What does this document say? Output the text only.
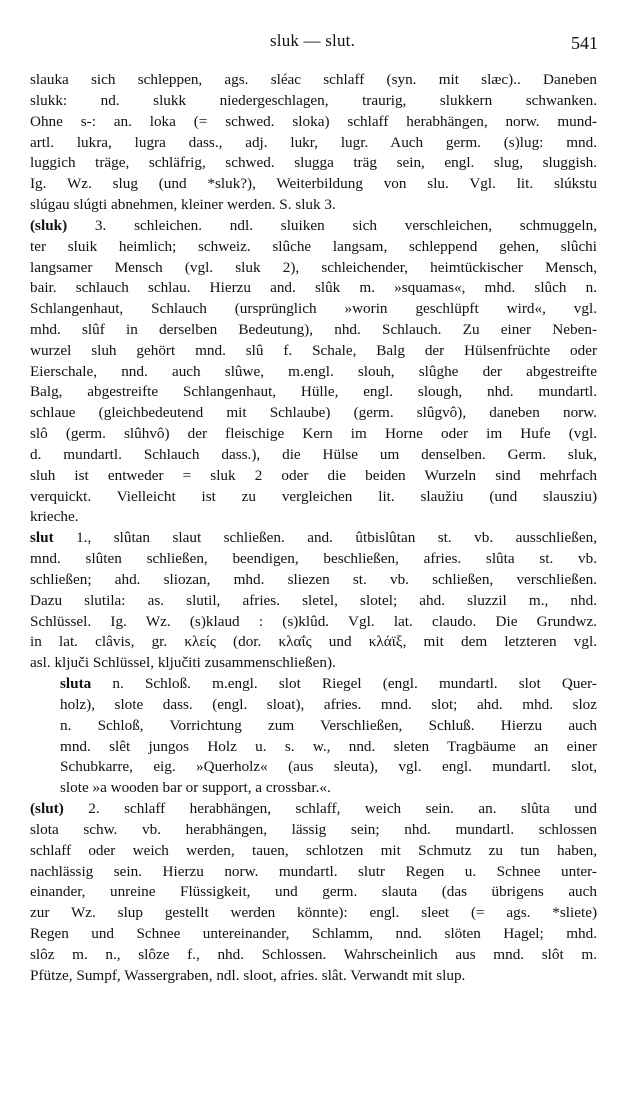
sluk — slut.	541
slauka sich schleppen, ags. sléac schlaff (syn. mit slæc).. Daneben
slukk: nd. slukk niedergeschlagen, traurig, slukkern schwanken.
Ohne s-: an. loka (= schwed. sloka) schlaff herabhängen, norw. mund-
artl. lukra, lugra dass., adj. lukr, lugr. Auch germ. (s)lug: mnd.
luggich träge, schläfrig, schwed. slugga träg sein, engl. slug, sluggish.
Ig. Wz. slug (und *sluk?), Weiterbildung von slu. Vgl. lit. slúkstu
slúgau slúgti abnehmen, kleiner werden. S. sluk 3.
(sluk) 3. schleichen. ndl. sluiken sich verschleichen, schmuggeln,
ter sluik heimlich; schweiz. slûche langsam, schleppend gehen, slûchi
langsamer Mensch (vgl. sluk 2), schleichender, heimtückischer Mensch,
bair. schlauch schlau. Hierzu and. slûk m. »squamas«, mhd. slûch n.
Schlangenhaut, Schlauch (ursprünglich »worin geschlüpft wird«, vgl.
mhd. slûf in derselben Bedeutung), nhd. Schlauch. Zu einer Neben-
wurzel sluh gehört mnd. slû f. Schale, Balg der Hülsenfrüchte oder
Eierschale, nnd. auch slûwe, m.engl. slouh, slûghe der abgestreifte
Balg, abgestreifte Schlangenhaut, Hülle, engl. slough, nhd. mundartl.
schlaue (gleichbedeutend mit Schlaube) (germ. slûgvô), daneben norw.
slô (germ. slûhvô) der fleischige Kern im Horne oder im Hufe (vgl.
d. mundartl. Schlauch dass.), die Hülse um denselben. Germ. sluk,
sluh ist entweder = sluk 2 oder die beiden Wurzeln sind mehrfach
verquickt. Vielleicht ist zu vergleichen lit. slaužiu (und slausziu)
krieche.
slut 1., slûtan slaut schließen. and. ûtbislûtan st. vb. ausschließen,
mnd. slûten schließen, beendigen, beschließen, afries. slûta st. vb.
schließen; ahd. sliozan, mhd. sliezen st. vb. schließen, verschließen.
Dazu slutila: as. slutil, afries. sletel, slotel; ahd. sluzzil m., nhd.
Schlüssel. Ig. Wz. (s)klaud : (s)klûd. Vgl. lat. claudo. Die Grundwz.
in lat. clâvis, gr. κλείς (dor. κλαΐς und κλάϊξ, mit dem letzteren vgl.
asl. ključi Schlüssel, ključiti zusammenschließen).
sluta n. Schloß. m.engl. slot Riegel (engl. mundartl. slot Quer-
holz), slote dass. (engl. sloat), afries. mnd. slot; ahd. mhd. sloz
n. Schloß, Vorrichtung zum Verschließen, Schluß. Hierzu auch
mnd. slêt jungos Holz u. s. w., nnd. sleten Tragbäume an einer
Schubkarre, eig. »Querholz« (aus sleuta), vgl. engl. mundartl. slot,
slote »a wooden bar or support, a crossbar.«.
(slut) 2. schlaff herabhängen, schlaff, weich sein. an. slûta und
slota schw. vb. herabhängen, lässig sein; nhd. mundartl. schlossen
schlaff oder weich werden, tauen, schlotzen mit Schmutz zu tun haben,
nachlässig sein. Hierzu norw. mundartl. slutr Regen u. Schnee unter-
einander, unreine Flüssigkeit, und germ. slauta (das übrigens auch
zur Wz. slup gestellt werden könnte): engl. sleet (= ags. *sliete)
Regen und Schnee untereinander, Schlamm, nnd. slöten Hagel; mhd.
slôz m. n., slôze f., nhd. Schlossen. Wahrscheinlich aus mnd. slôt m.
Pfütze, Sumpf, Wassergraben, ndl. sloot, afries. slât. Verwandt mit slup.
